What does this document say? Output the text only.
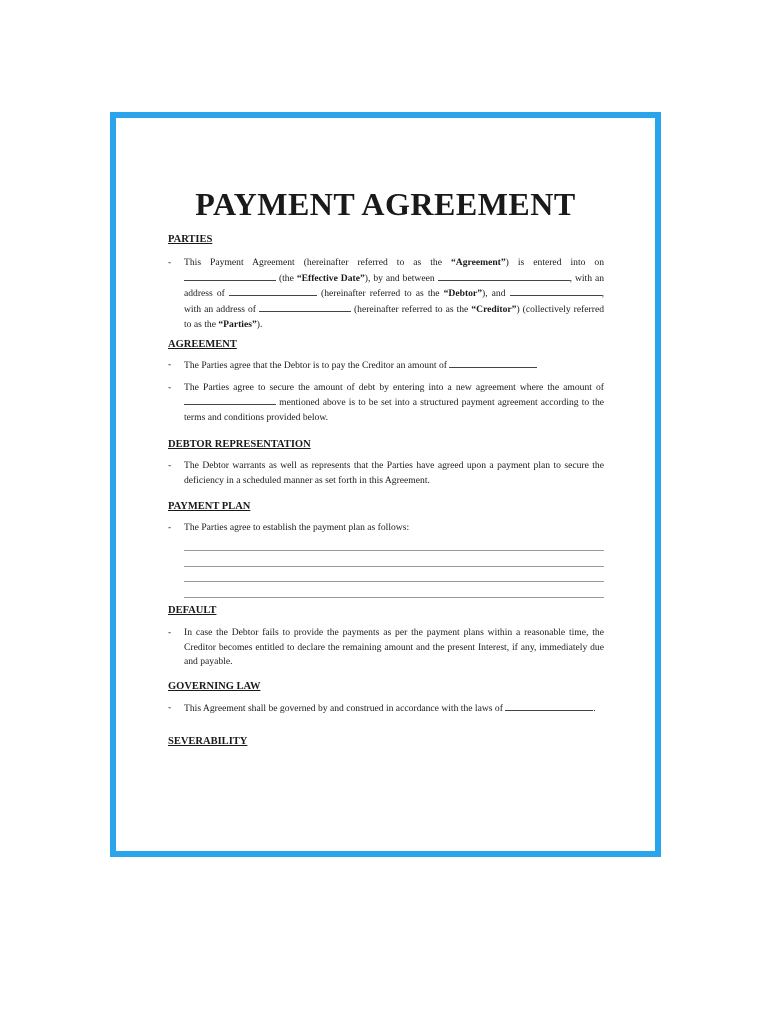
PAYMENT AGREEMENT

PARTIES

- This Payment Agreement (hereinafter referred to as the “Agreement”) is entered into on  (the “Effective Date”), by and between	, with an address of	(hereinafter referred to as the “Debtor”), and	, with an address of	(hereinafter referred to as the “Creditor”) (collectively referred to as the “Parties”).

AGREEMENT

- The Parties agree that the Debtor is to pay the Creditor an amount of
- The Parties agree to secure the amount of debt by entering into a new agreement where the amount of  mentioned above is to be set into a structured payment agreement according to the terms and conditions provided below.

DEBTOR REPRESENTATION

- The Debtor warrants as well as represents that the Parties have agreed upon a payment plan to secure the deficiency in a scheduled manner as set forth in this Agreement.

PAYMENT PLAN

- The Parties agree to establish the payment plan as follows:

DEFAULT

- In case the Debtor fails to provide the payments as per the payment plans within a reasonable time, the Creditor becomes entitled to declare the remaining amount and the present Interest, if any, immediately due and payable.

GOVERNING LAW

- This Agreement shall be governed by and construed in accordance with the laws of	.

SEVERABILITY
